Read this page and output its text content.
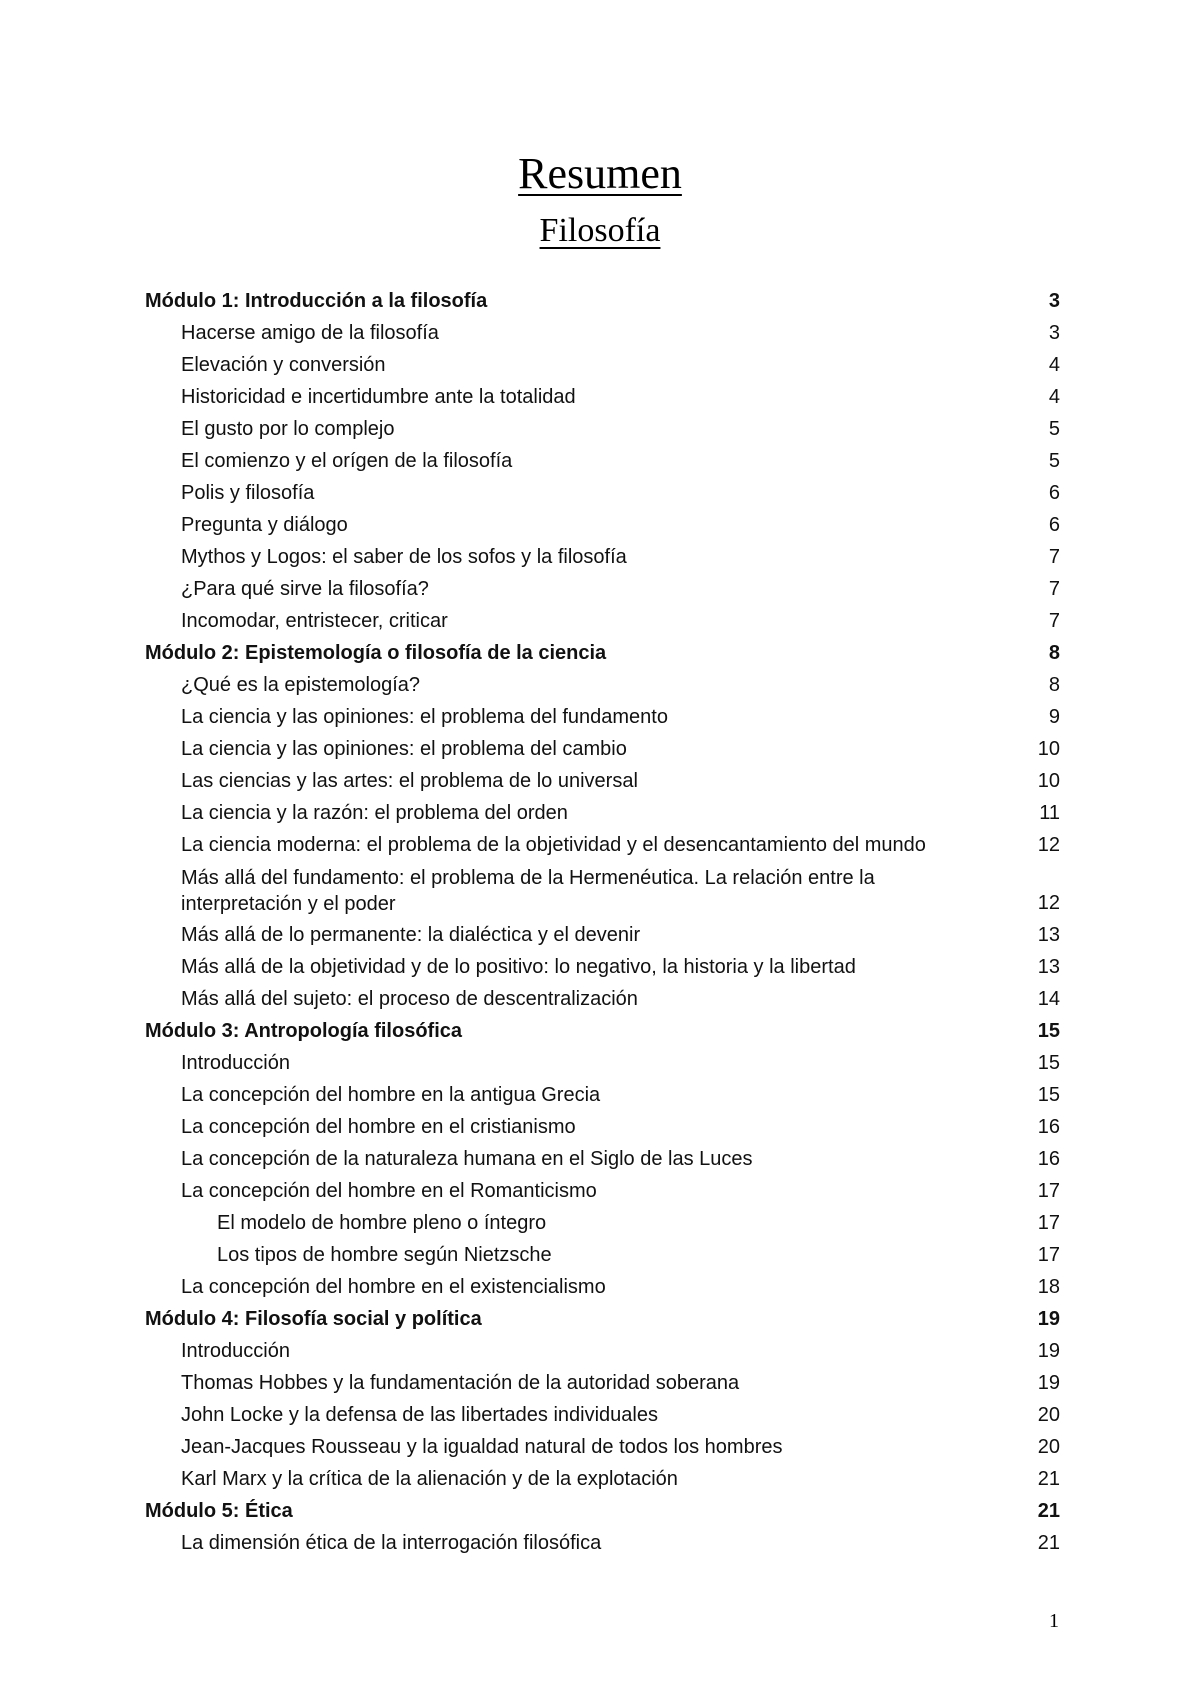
Resumen
Filosofía
Módulo 1: Introducción a la filosofía	3
Hacerse amigo de la filosofía	3
Elevación y conversión	4
Historicidad e incertidumbre ante la totalidad	4
El gusto por lo complejo	5
El comienzo y el orígen de la filosofía	5
Polis y filosofía	6
Pregunta y diálogo	6
Mythos y Logos: el saber de los sofos y la filosofía	7
¿Para qué sirve la filosofía?	7
Incomodar, entristecer, criticar	7
Módulo 2: Epistemología o filosofía de la ciencia	8
¿Qué es la epistemología?	8
La ciencia y las opiniones: el problema del fundamento	9
La ciencia y las opiniones: el problema del cambio	10
Las ciencias y las artes: el problema de lo universal	10
La ciencia y la razón: el problema del orden	11
La ciencia moderna: el problema de la objetividad y el desencantamiento del mundo	12
Más allá del fundamento: el problema de la Hermenéutica. La relación entre la interpretación y el poder	12
Más allá de lo permanente: la dialéctica y el devenir	13
Más allá de la objetividad y de lo positivo: lo negativo, la historia y la libertad	13
Más allá del sujeto: el proceso de descentralización	14
Módulo 3: Antropología filosófica	15
Introducción	15
La concepción del hombre en la antigua Grecia	15
La concepción del hombre en el cristianismo	16
La concepción de la naturaleza humana en el Siglo de las Luces	16
La concepción del hombre en el Romanticismo	17
El modelo de hombre pleno o íntegro	17
Los tipos de hombre según Nietzsche	17
La concepción del hombre en el existencialismo	18
Módulo 4: Filosofía social y política	19
Introducción	19
Thomas Hobbes y la fundamentación de la autoridad soberana	19
John Locke y la defensa de las libertades individuales	20
Jean-Jacques Rousseau y la igualdad natural de todos los hombres	20
Karl Marx y la crítica de la alienación y de la explotación	21
Módulo 5: Ética	21
La dimensión ética de la interrogación filosófica	21
1
